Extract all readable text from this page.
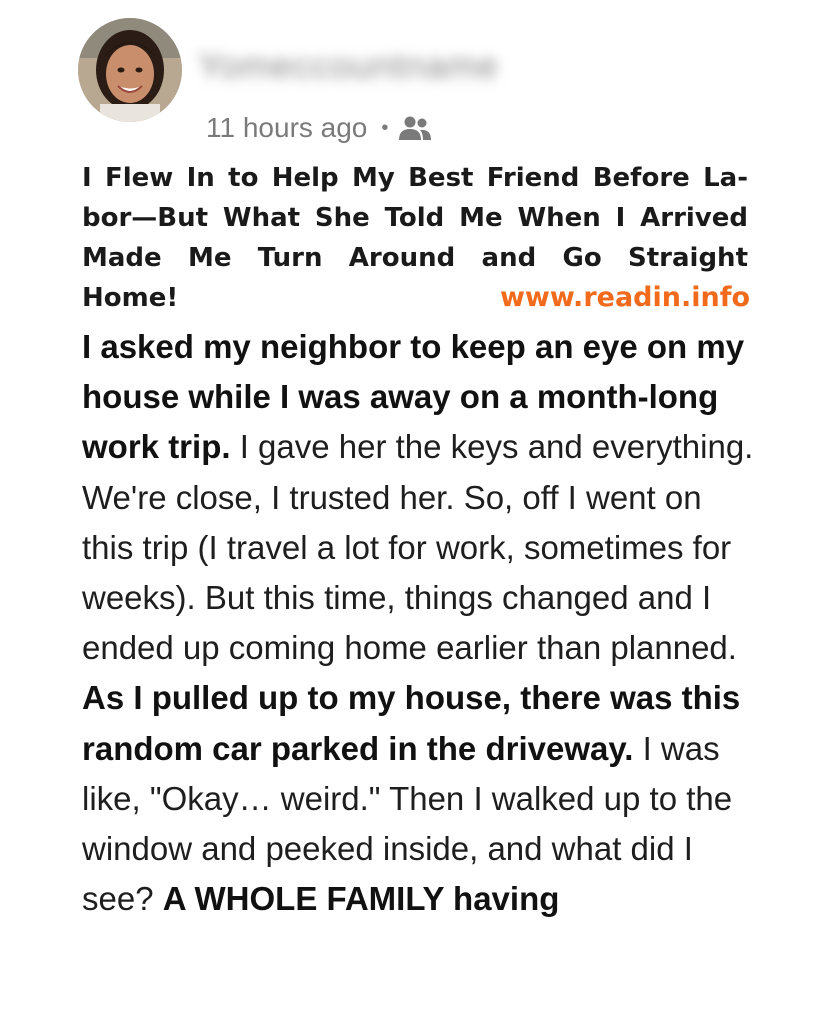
Yomeccountname
11 hours ago •

I Flew In to Help My Best Friend Before La-bor—But What She Told Me When I Arrived Made Me Turn Around and Go Straight Home!	www.readin.info

I asked my neighbor to keep an eye on my house while I was away on a month-long work trip. I gave her the keys and everything. We're close, I trusted her. So, off I went on this trip (I travel a lot for work, sometimes for weeks). But this time, things changed and I ended up coming home earlier than planned. As I pulled up to my house, there was this random car parked in the driveway. I was like, "Okay… weird." Then I walked up to the window and peeked inside, and what did I see? A WHOLE FAMILY having
